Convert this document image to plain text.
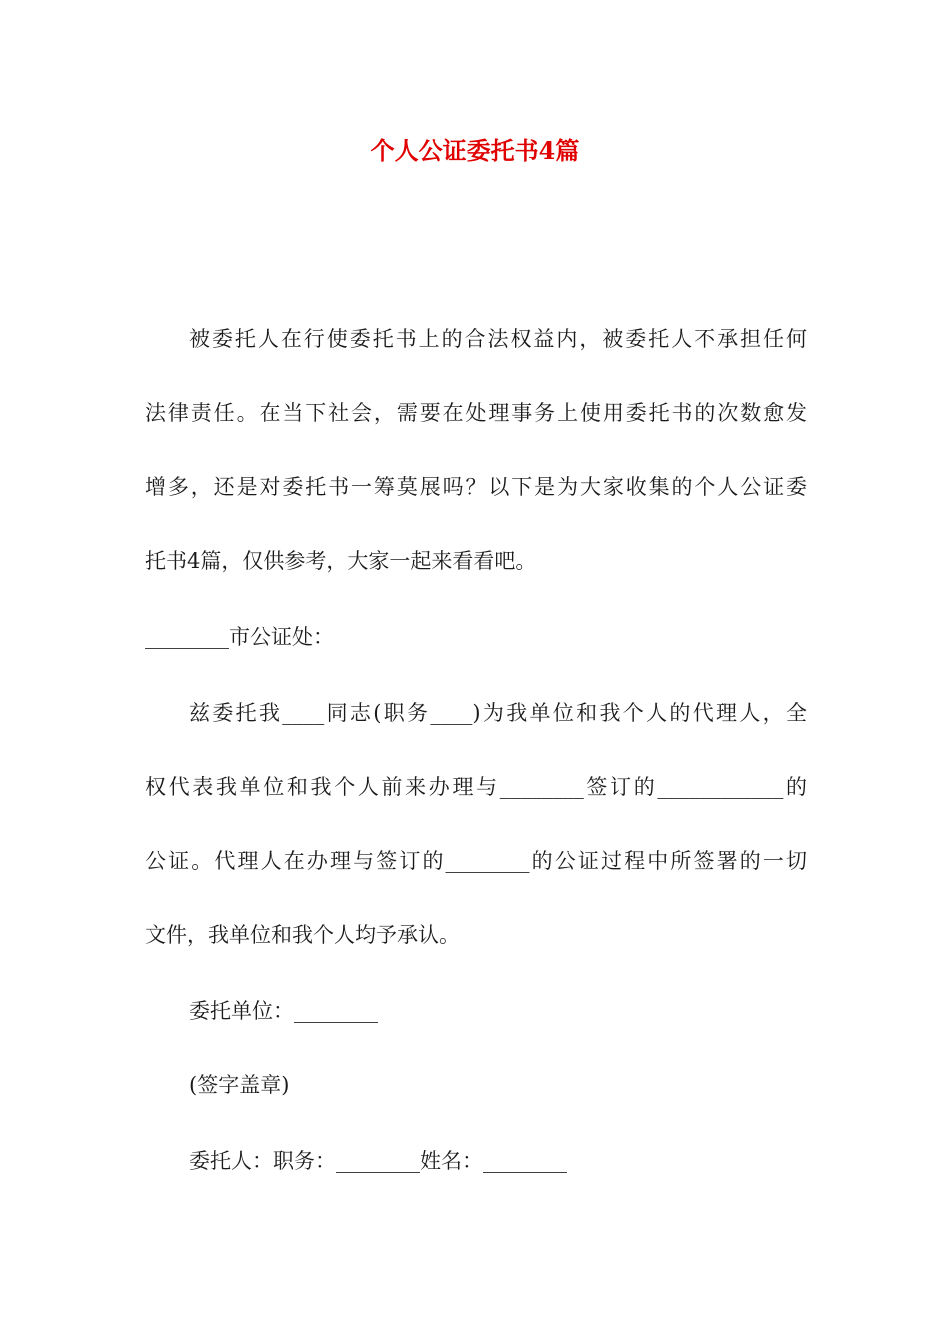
个人公证委托书4篇
被委托人在行使委托书上的合法权益内，被委托人不承担任何
法律责任。在当下社会，需要在处理事务上使用委托书的次数愈发
增多，还是对委托书一筹莫展吗？以下是为大家收集的个人公证委
托书4篇，仅供参考，大家一起来看看吧。
________市公证处：
兹委托我____同志(职务____)为我单位和我个人的代理人，全
权代表我单位和我个人前来办理与________签订的____________的
公证。代理人在办理与签订的________的公证过程中所签署的一切
文件，我单位和我个人均予承认。
委托单位：________
(签字盖章)
委托人：职务：________姓名：________
